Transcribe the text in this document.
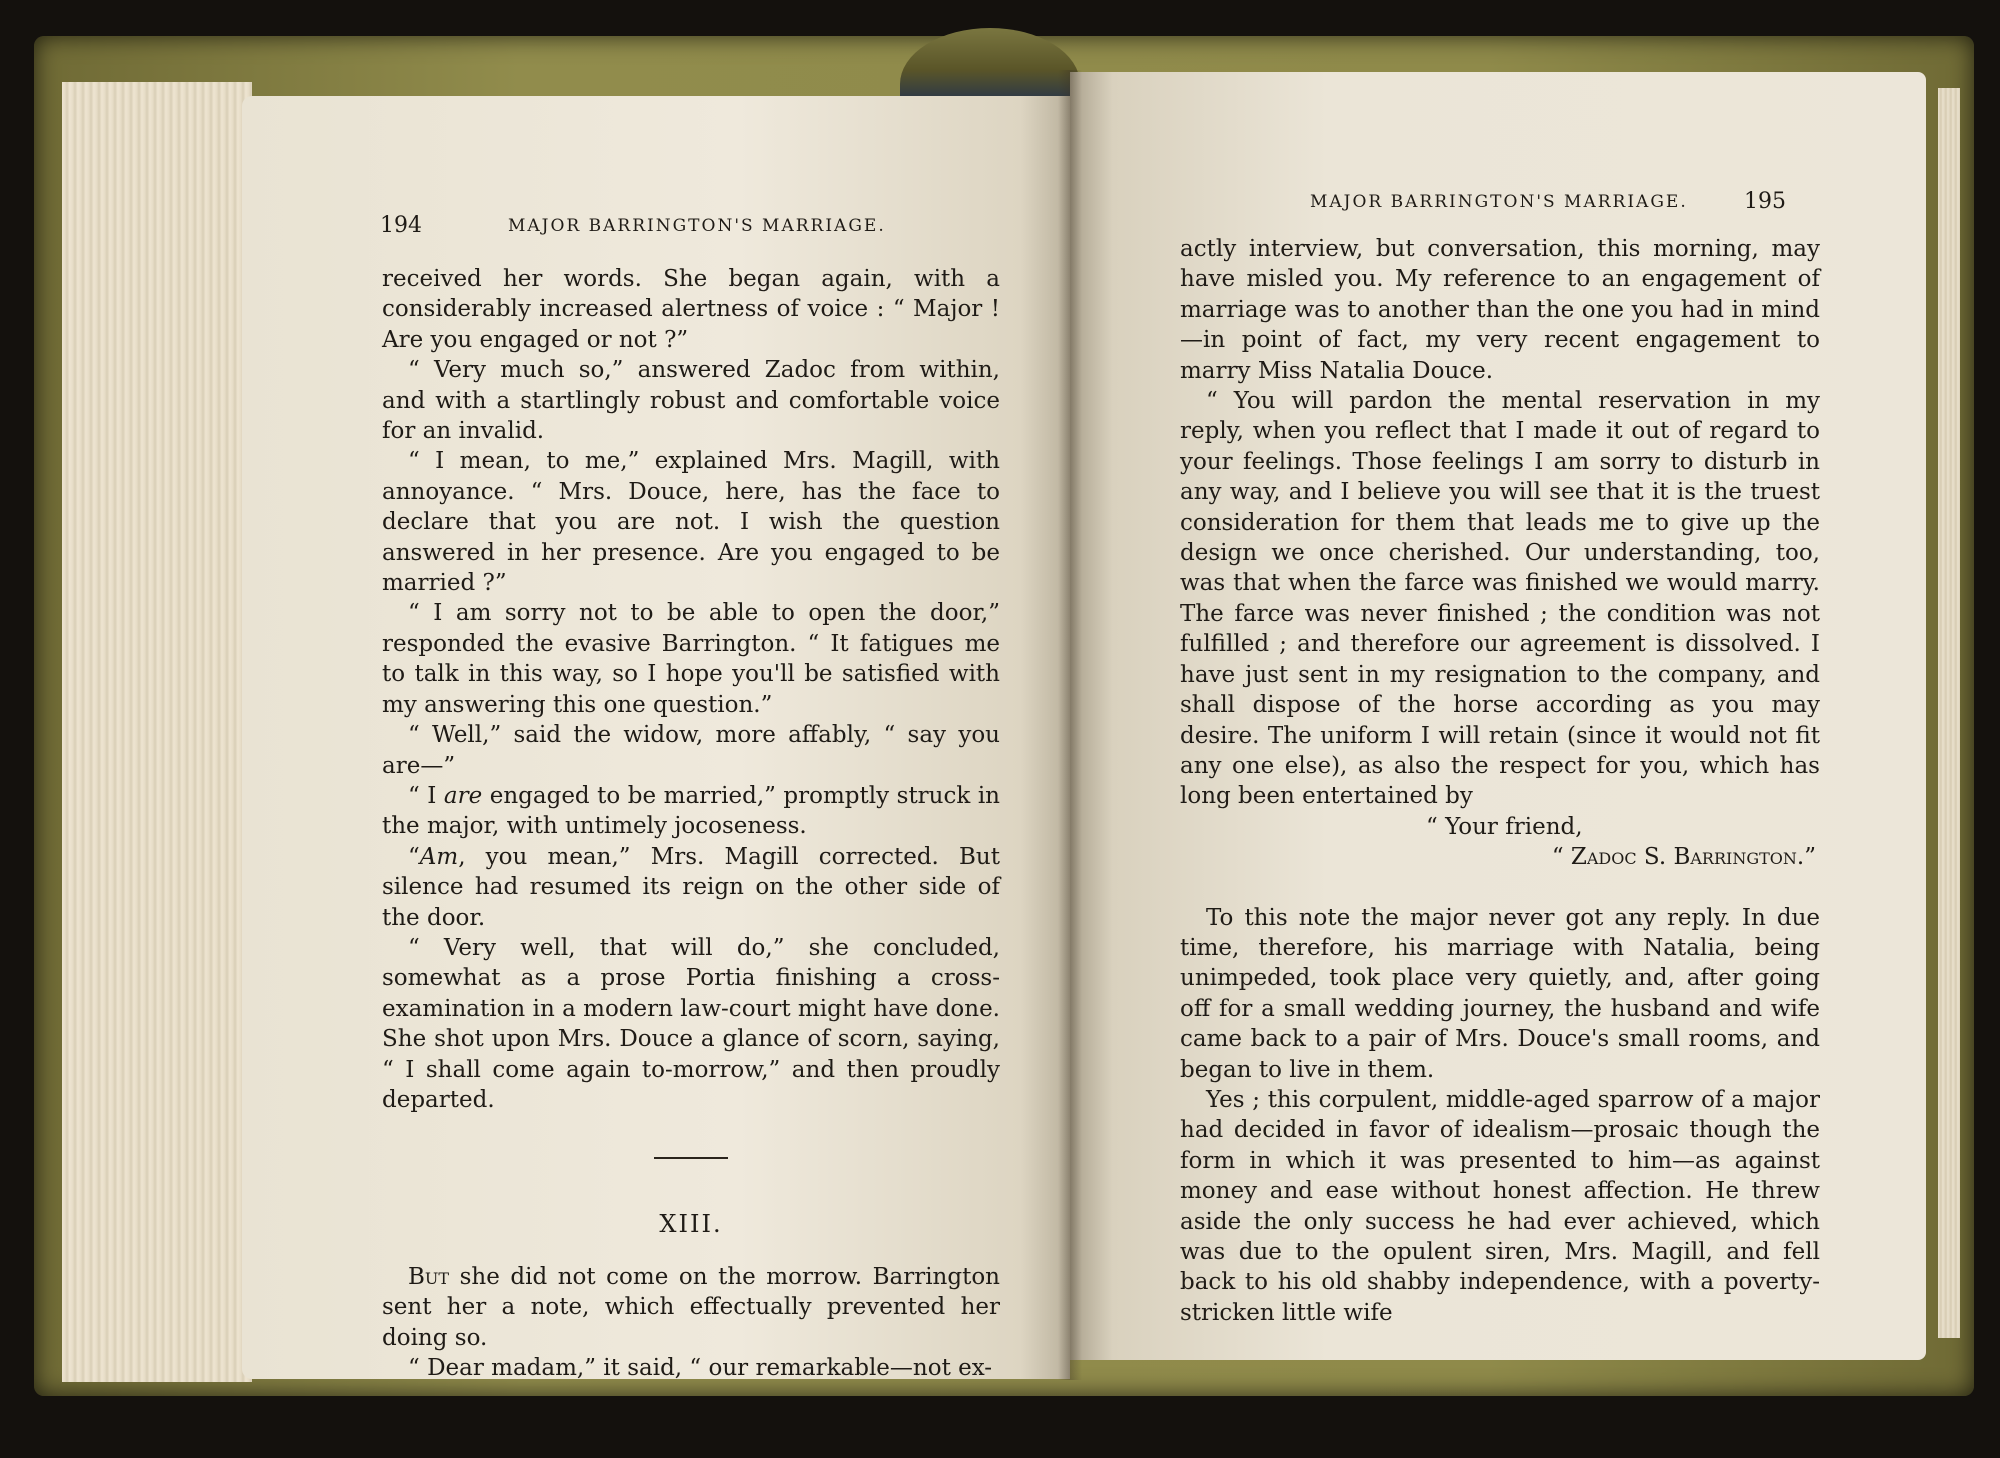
194	MAJOR BARRINGTON'S MARRIAGE.

received her words. She began again, with a considerably increased alertness of voice : “ Major ! Are you engaged or not ?”

“ Very much so,” answered Zadoc from within, and with a startlingly robust and comfortable voice for an invalid.

“ I mean, to me,” explained Mrs. Magill, with annoyance. “ Mrs. Douce, here, has the face to declare that you are not. I wish the question answered in her presence. Are you engaged to be married ?”

“ I am sorry not to be able to open the door,” responded the evasive Barrington. “ It fatigues me to talk in this way, so I hope you'll be satisfied with my answering this one question.”

“ Well,” said the widow, more affably, “ say you are—”

“ I are engaged to be married,” promptly struck in the major, with untimely jocoseness.

“Am, you mean,” Mrs. Magill corrected. But silence had resumed its reign on the other side of the door.

“ Very well, that will do,” she concluded, somewhat as a prose Portia finishing a cross-examination in a modern law-court might have done. She shot upon Mrs. Douce a glance of scorn, saying, “ I shall come again to-morrow,” and then proudly departed.

XIII.

But she did not come on the morrow. Barrington sent her a note, which effectually prevented her doing so.

“ Dear madam,” it said, “ our remarkable—not ex-

MAJOR BARRINGTON'S MARRIAGE.	195

actly interview, but conversation, this morning, may have misled you. My reference to an engagement of marriage was to another than the one you had in mind—in point of fact, my very recent engagement to marry Miss Natalia Douce.

“ You will pardon the mental reservation in my reply, when you reflect that I made it out of regard to your feelings. Those feelings I am sorry to disturb in any way, and I believe you will see that it is the truest consideration for them that leads me to give up the design we once cherished. Our understanding, too, was that when the farce was finished we would marry. The farce was never finished ; the condition was not fulfilled ; and therefore our agreement is dissolved. I have just sent in my resignation to the company, and shall dispose of the horse according as you may desire. The uniform I will retain (since it would not fit any one else), as also the respect for you, which has long been entertained by

“ Your friend,

“ Zadoc S. Barrington.”

To this note the major never got any reply. In due time, therefore, his marriage with Natalia, being unimpeded, took place very quietly, and, after going off for a small wedding journey, the husband and wife came back to a pair of Mrs. Douce's small rooms, and began to live in them.

Yes ; this corpulent, middle-aged sparrow of a major had decided in favor of idealism—prosaic though the form in which it was presented to him—as against money and ease without honest affection. He threw aside the only success he had ever achieved, which was due to the opulent siren, Mrs. Magill, and fell back to his old shabby independence, with a poverty-stricken little wife
